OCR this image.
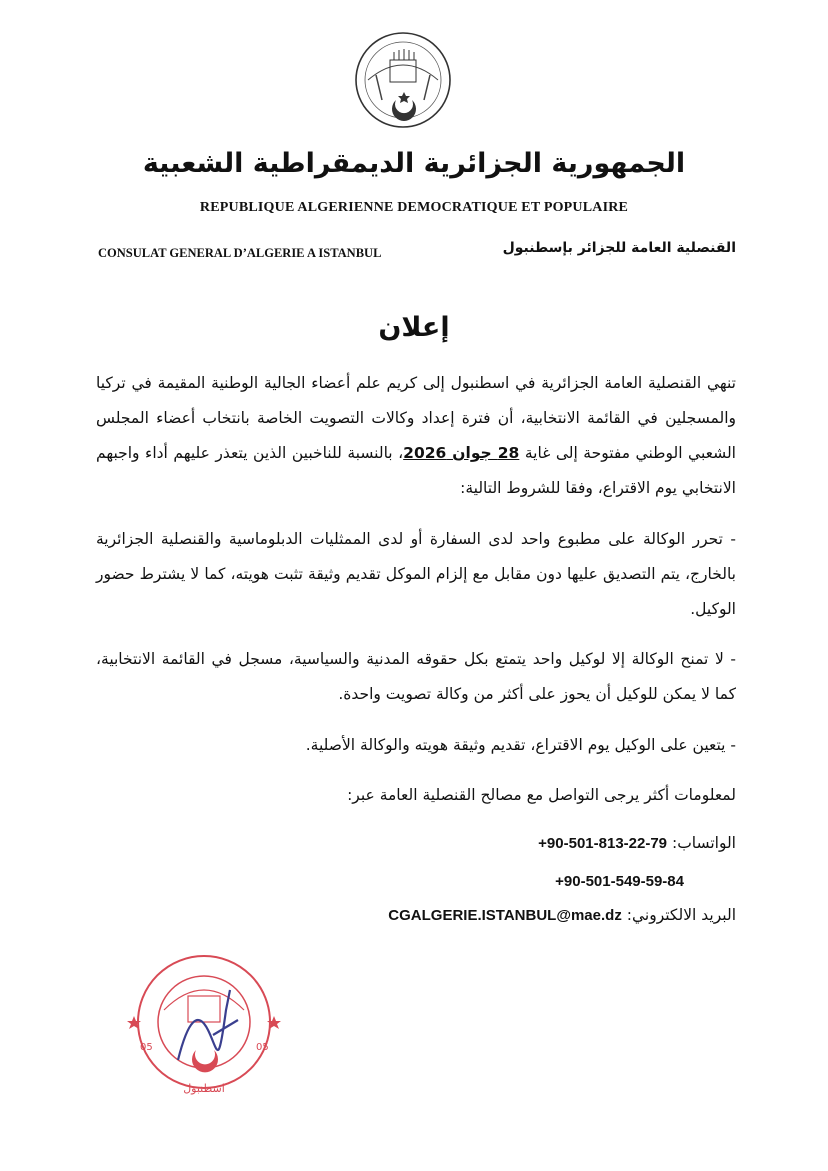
الجمهورية الجزائرية الديمقراطية الشعبية
REPUBLIQUE ALGERIENNE DEMOCRATIQUE ET POPULAIRE
CONSULAT GENERAL D’ALGERIE A ISTANBUL	القنصلية العامة للجزائر بإسطنبول
إعلان
تنهي القنصلية العامة الجزائرية في اسطنبول إلى كريم علم أعضاء الجالية الوطنية المقيمة في تركيا والمسجلين في القائمة الانتخابية، أن فترة إعداد وكالات التصويت الخاصة بانتخاب أعضاء المجلس الشعبي الوطني مفتوحة إلى غاية 28 جوان 2026، بالنسبة للناخبين الذين يتعذر عليهم أداء واجبهم الانتخابي يوم الاقتراع، وفقا للشروط التالية:
- تحرر الوكالة على مطبوع واحد لدى السفارة أو لدى الممثليات الدبلوماسية والقنصلية الجزائرية بالخارج، يتم التصديق عليها دون مقابل مع إلزام الموكل تقديم وثيقة تثبت هويته، كما لا يشترط حضور الوكيل.
- لا تمنح الوكالة إلا لوكيل واحد يتمتع بكل حقوقه المدنية والسياسية، مسجل في القائمة الانتخابية، كما لا يمكن للوكيل أن يحوز على أكثر من وكالة تصويت واحدة.
- يتعين على الوكيل يوم الاقتراع، تقديم وثيقة هويته والوكالة الأصلية.
لمعلومات أكثر يرجى التواصل مع مصالح القنصلية العامة عبر:
الواتساب: +90-501-813-22-79
+90-501-549-59-84
البريد الالكتروني: CGALGERIE.ISTANBUL@mae.dz
05	05
اسطنبول
